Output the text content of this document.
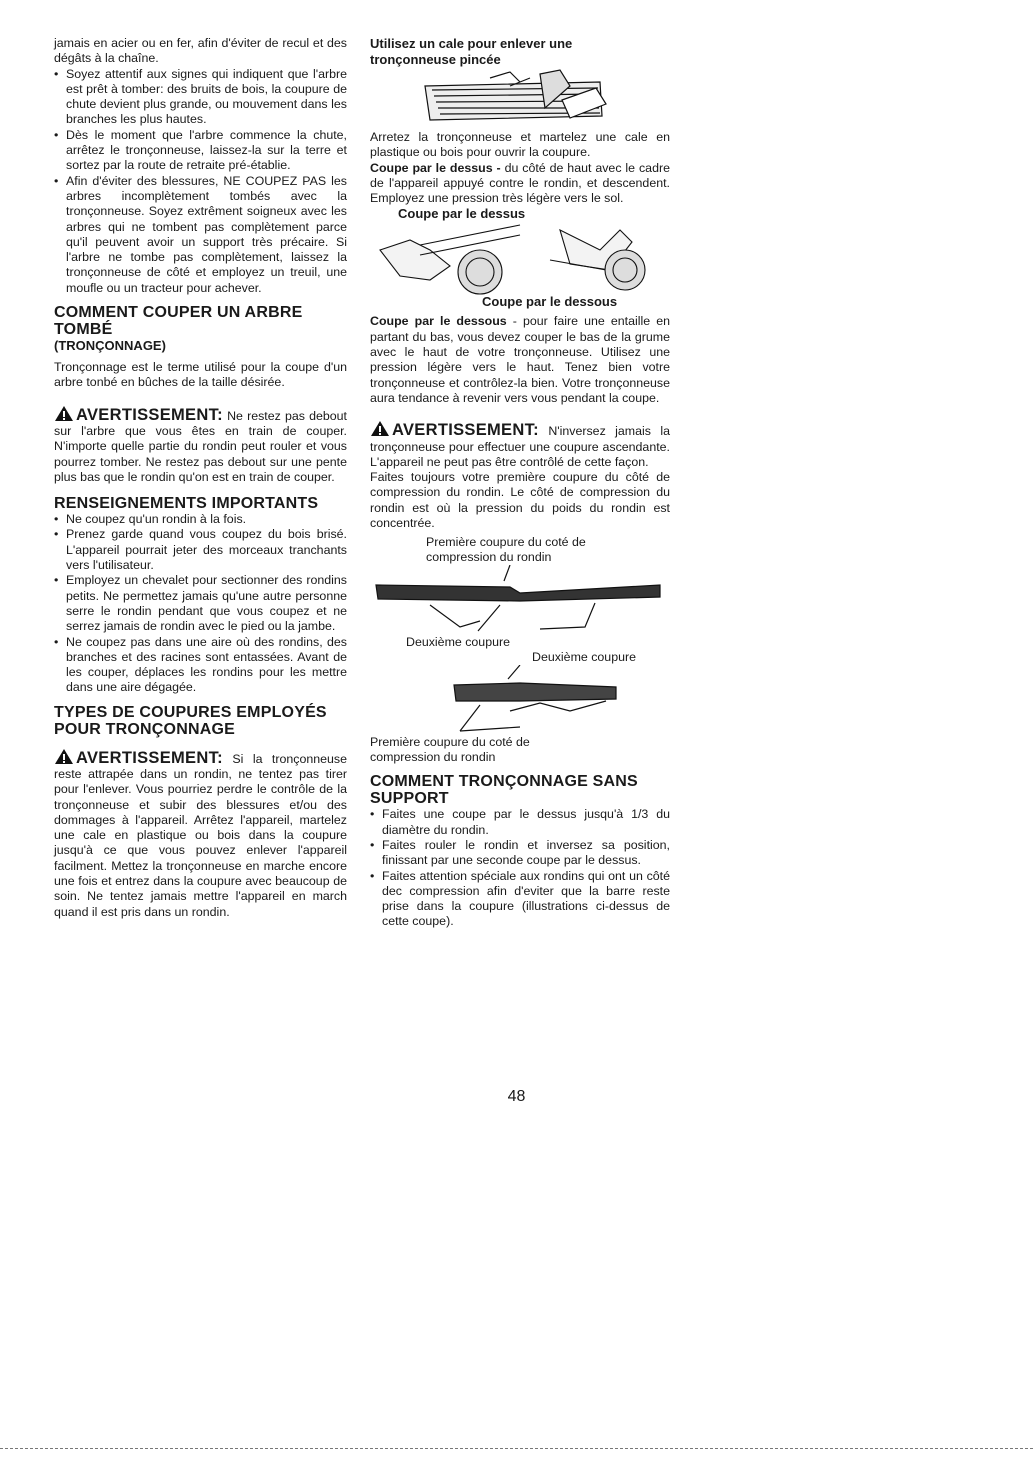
jamais en acier ou en fer, afin d'éviter de recul et des dégâts à la chaîne.

• Soyez attentif aux signes qui indiquent que l'arbre est prêt à tomber: des bruits de bois, la coupure de chute devient plus grande, ou mouvement dans les branches les plus hautes.
• Dès le moment que l'arbre commence la chute, arrêtez le tronçonneuse, laissez-la sur la terre et sortez par la route de retraite pré-établie.
• Afin d'éviter des blessures, NE COUPEZ PAS les arbres incomplètement tombés avec la tronçonneuse. Soyez extrêment soigneux avec les arbres qui ne tombent pas complètement parce qu'il peuvent avoir un support très précaire. Si l'arbre ne tombe pas complètement, laissez la tronçonneuse de côté et employez un treuil, une moufle ou un tracteur pour achever.
COMMENT COUPER UN ARBRE
TOMBÉ
(TRONÇONNAGE)

Tronçonnage est le terme utilisé pour la coupe d'un arbre tonbé en bûches de la taille désirée.

AVERTISSEMENT: Ne restez pas debout sur l'arbre que vous êtes en train de couper. N'importe quelle partie du rondin peut rouler et vous pourrez tomber. Ne restez pas debout sur une pente plus bas que le rondin qu'on est en train de couper.

RENSEIGNEMENTS IMPORTANTS
• Ne coupez qu'un rondin à la fois.
• Prenez garde quand vous coupez du bois brisé. L'appareil pourrait jeter des morceaux tranchants vers l'utilisateur.
• Employez un chevalet pour sectionner des rondins petits. Ne permettez jamais qu'une autre personne serre le rondin pendant que vous coupez et ne serrez jamais de rondin avec le pied ou la jambe.
• Ne coupez pas dans une aire où des rondins, des branches et des racines sont entassées. Avant de les couper, déplaces les rondins pour les mettre dans une aire dégagée.
TYPES DE COUPURES EMPLOYÉS
POUR TRONÇONNAGE

AVERTISSEMENT: Si la tronçonneuse reste attrapée dans un rondin, ne tentez pas tirer pour l'enlever. Vous pourriez perdre le contrôle de la tronçonneuse et subir des blessures et/ou des dommages à l'appareil. Arrêtez l'appareil, martelez une cale en plastique ou bois dans la coupure jusqu'à ce que vous pouvez enlever l'appareil facilment. Mettez la tronçonneuse en marche encore une fois et entrez dans la coupure avec beaucoup de soin. Ne tentez jamais mettre l'appareil en march quand il est pris dans un rondin.

Utilisez un cale pour enlever une
tronçonneuse pincée

Arretez la tronçonneuse et martelez une cale en plastique ou bois pour ouvrir la coupure.

Coupe par le dessus - du côté de haut avec le cadre de l'appareil appuyé contre le rondin, et descendent. Employez une pression très légère vers le sol.

Coupe par le dessus
Coupe par le dessous

Coupe par le dessous - pour faire une entaille en partant du bas, vous devez couper le bas de la grume avec le haut de votre tronçonneuse. Utilisez une pression légère vers le haut. Tenez bien votre tronçonneuse et contrôlez-la bien. Votre tronçonneuse aura tendance à revenir vers vous pendant la coupe.

AVERTISSEMENT: N'inversez jamais la tronçonneuse pour effectuer une coupure ascendante. L'appareil ne peut pas être contrôlé de cette façon.

Faites toujours votre première coupure du côté de compression du rondin. Le côté de compression du rondin est où la pression du poids du rondin est concentrée.

Première coupure du coté de compression du rondin
Deuxième coupure
Deuxième coupure
Première coupure du coté de compression du rondin
COMMENT TRONÇONNAGE SANS
SUPPORT
• Faites une coupe par le dessus jusqu'à 1/3 du diamètre du rondin.
• Faites rouler le rondin et inversez sa position, finissant par une seconde coupe par le dessus.
• Faites attention spéciale aux rondins qui ont un côté dec compression afin d'eviter que la barre reste prise dans la coupure (illustrations ci-dessus de cette coupe).
48
